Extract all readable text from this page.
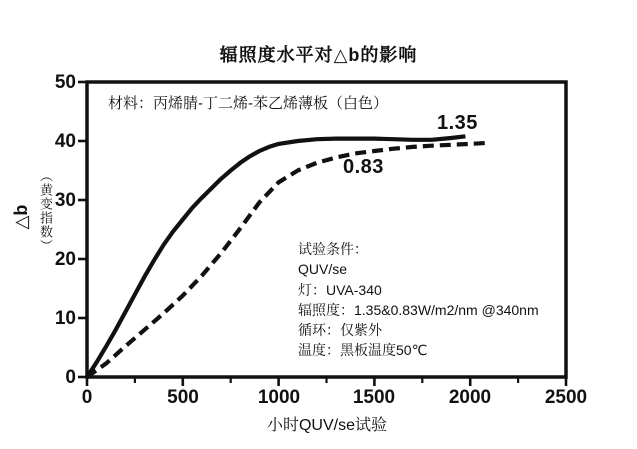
辐照度水平对△b的影响
材料：丙烯腈-丁二烯-苯乙烯薄板（白色）
试验条件：
QUV/se
灯：UVA-340
辐照度：1.35&0.83W/m2/nm @340nm
循环：仅紫外
温度：黑板温度50℃
1.35
0.83
△b （黄变指数）
0
10
20
30
40
50
0	500	1000	1500	2000	2500
小时QUV/se试验
